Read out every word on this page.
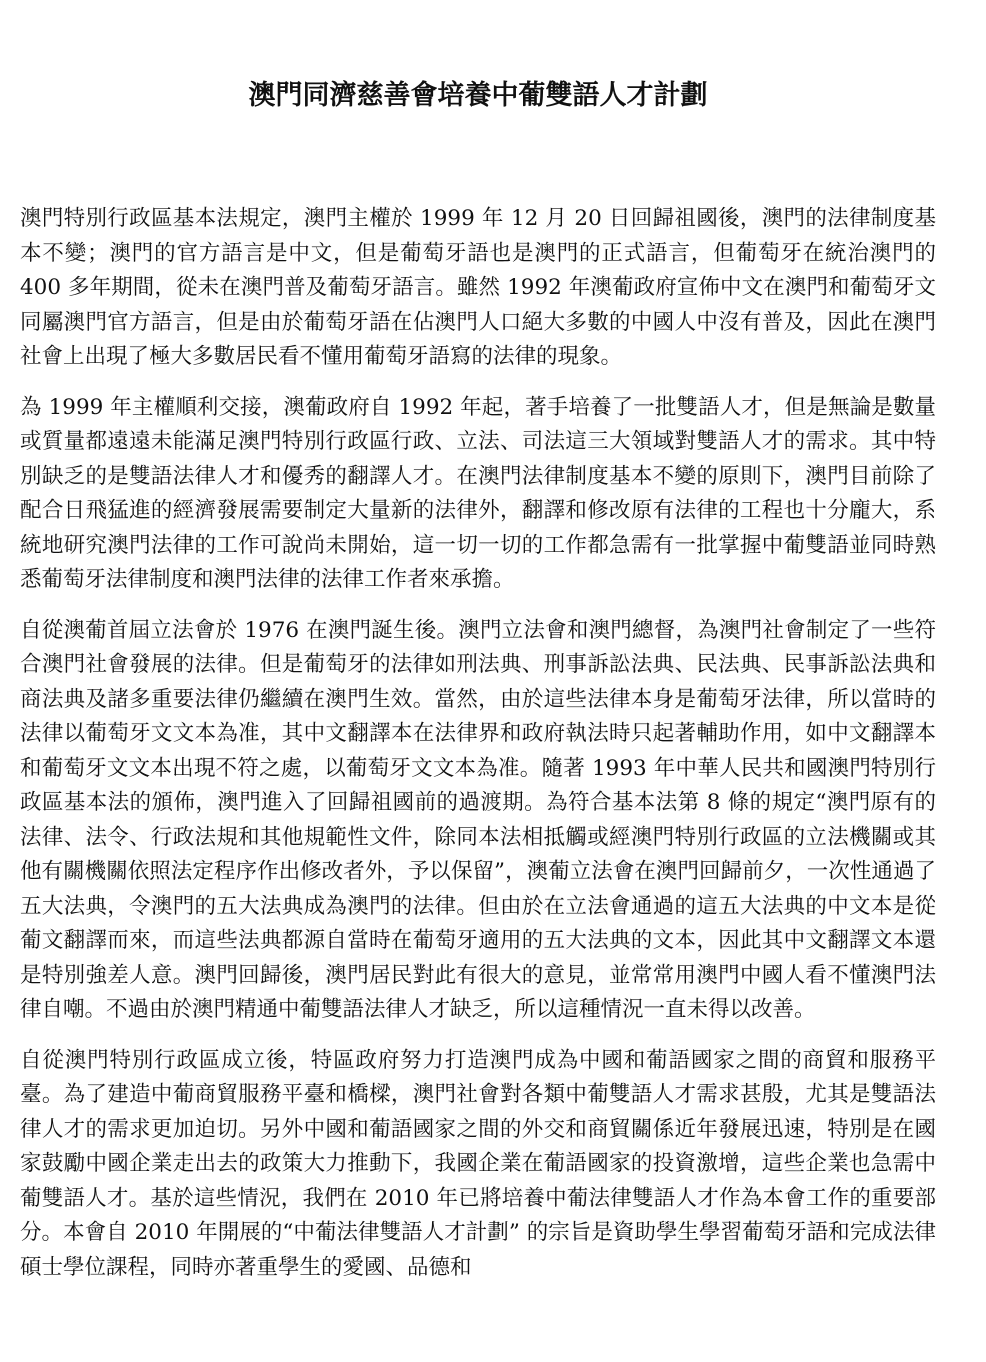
澳門同濟慈善會培養中葡雙語人才計劃

澳門特別行政區基本法規定，澳門主權於 1999 年 12 月 20 日回歸祖國後，澳門的法律制度基本不變；澳門的官方語言是中文，但是葡萄牙語也是澳門的正式語言，但葡萄牙在統治澳門的 400 多年期間，從未在澳門普及葡萄牙語言。雖然 1992 年澳葡政府宣佈中文在澳門和葡萄牙文同屬澳門官方語言，但是由於葡萄牙語在佔澳門人口絕大多數的中國人中沒有普及，因此在澳門社會上出現了極大多數居民看不懂用葡萄牙語寫的法律的現象。

為 1999 年主權順利交接，澳葡政府自 1992 年起，著手培養了一批雙語人才，但是無論是數量或質量都遠遠未能滿足澳門特別行政區行政、立法、司法這三大領域對雙語人才的需求。其中特別缺乏的是雙語法律人才和優秀的翻譯人才。在澳門法律制度基本不變的原則下，澳門目前除了配合日飛猛進的經濟發展需要制定大量新的法律外，翻譯和修改原有法律的工程也十分龐大，系統地研究澳門法律的工作可說尚未開始，這一切一切的工作都急需有一批掌握中葡雙語並同時熟悉葡萄牙法律制度和澳門法律的法律工作者來承擔。

自從澳葡首屆立法會於 1976 在澳門誕生後。澳門立法會和澳門總督，為澳門社會制定了一些符合澳門社會發展的法律。但是葡萄牙的法律如刑法典、刑事訴訟法典、民法典、民事訴訟法典和商法典及諸多重要法律仍繼續在澳門生效。當然，由於這些法律本身是葡萄牙法律，所以當時的法律以葡萄牙文文本為准，其中文翻譯本在法律界和政府執法時只起著輔助作用，如中文翻譯本和葡萄牙文文本出現不符之處，以葡萄牙文文本為准。隨著 1993 年中華人民共和國澳門特別行政區基本法的頒佈，澳門進入了回歸祖國前的過渡期。為符合基本法第 8 條的規定“澳門原有的法律、法令、行政法規和其他規範性文件，除同本法相抵觸或經澳門特別行政區的立法機關或其他有關機關依照法定程序作出修改者外，予以保留”，澳葡立法會在澳門回歸前夕，一次性通過了五大法典，令澳門的五大法典成為澳門的法律。但由於在立法會通過的這五大法典的中文本是從葡文翻譯而來，而這些法典都源自當時在葡萄牙適用的五大法典的文本，因此其中文翻譯文本還是特別強差人意。澳門回歸後，澳門居民對此有很大的意見，並常常用澳門中國人看不懂澳門法律自嘲。不過由於澳門精通中葡雙語法律人才缺乏，所以這種情況一直未得以改善。

自從澳門特別行政區成立後，特區政府努力打造澳門成為中國和葡語國家之間的商貿和服務平臺。為了建造中葡商貿服務平臺和橋樑，澳門社會對各類中葡雙語人才需求甚殷，尤其是雙語法律人才的需求更加迫切。另外中國和葡語國家之間的外交和商貿關係近年發展迅速，特別是在國家鼓勵中國企業走出去的政策大力推動下，我國企業在葡語國家的投資激增，這些企業也急需中葡雙語人才。基於這些情況，我們在 2010 年已將培養中葡法律雙語人才作為本會工作的重要部分。本會自 2010 年開展的“中葡法律雙語人才計劃” 的宗旨是資助學生學習葡萄牙語和完成法律碩士學位課程，同時亦著重學生的愛國、品德和
